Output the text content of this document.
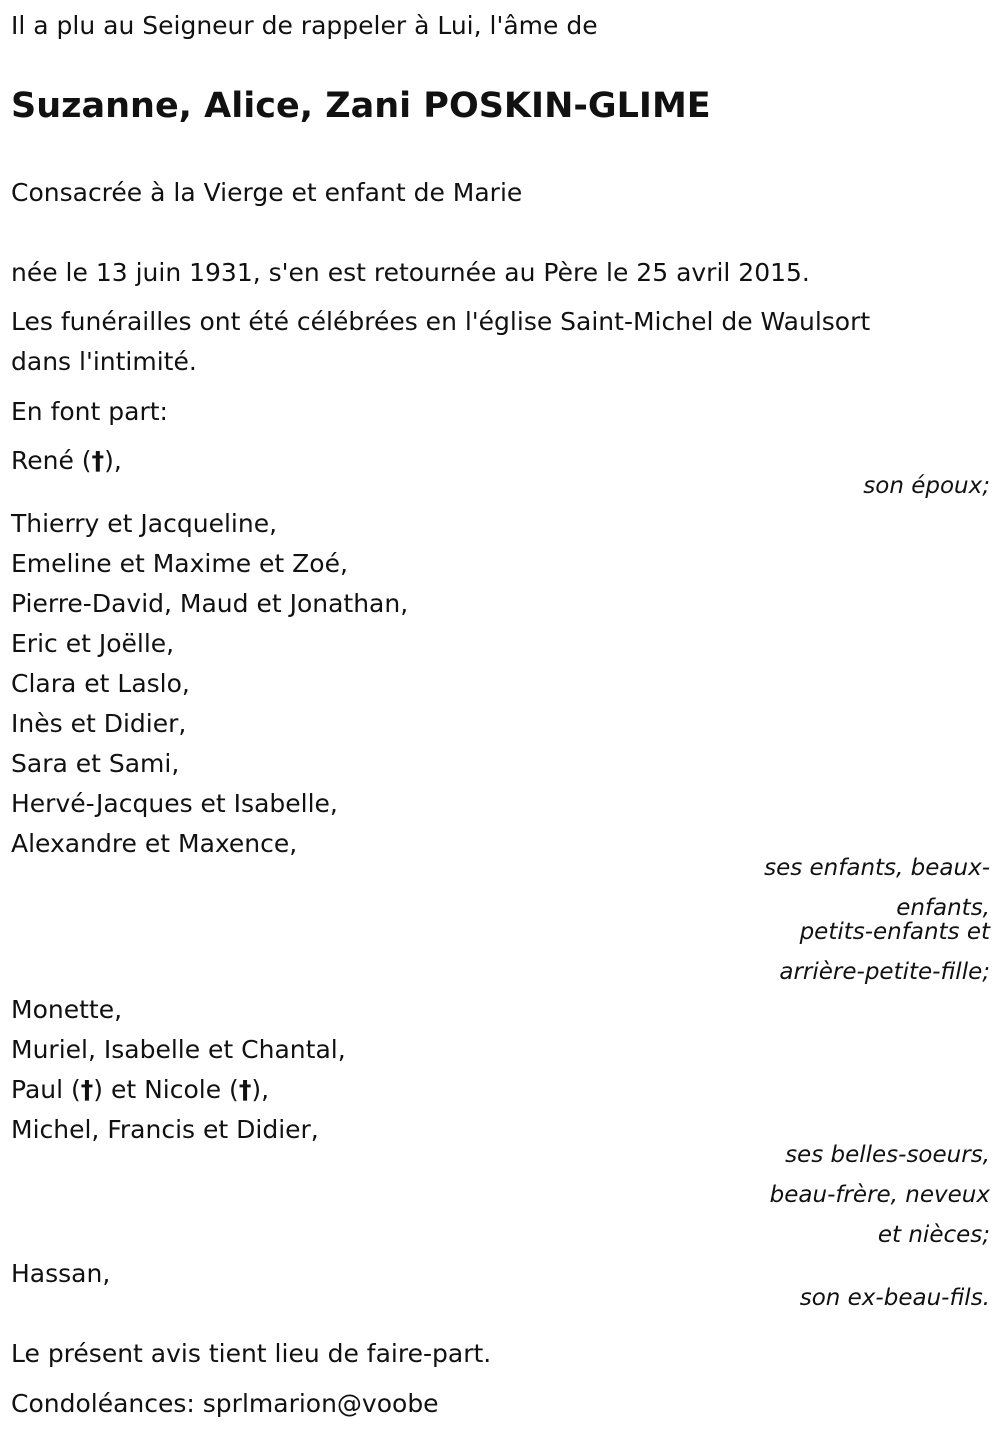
Il a plu au Seigneur de rappeler à Lui, l'âme de

Suzanne, Alice, Zani POSKIN-GLIME

Consacrée à la Vierge et enfant de Marie

née le 13 juin 1931, s'en est retournée au Père le 25 avril 2015.

Les funérailles ont été célébrées en l'église Saint-Michel de Waulsort

dans l'intimité.

En font part:

René (†),

son époux;

Thierry et Jacqueline,

Emeline et Maxime et Zoé,

Pierre-David, Maud et Jonathan,

Eric et Joëlle,

Clara et Laslo,

Inès et Didier,

Sara et Sami,

Hervé-Jacques et Isabelle,

Alexandre et Maxence,

ses enfants, beaux-

enfants,

petits-enfants et

arrière-petite-fille;

Monette,

Muriel, Isabelle et Chantal,

Paul (†) et Nicole (†),

Michel, Francis et Didier,

ses belles-soeurs,

beau-frère, neveux

et nièces;

Hassan,

son ex-beau-fils.

Le présent avis tient lieu de faire-part.

Condoléances: sprlmarion@voobe
